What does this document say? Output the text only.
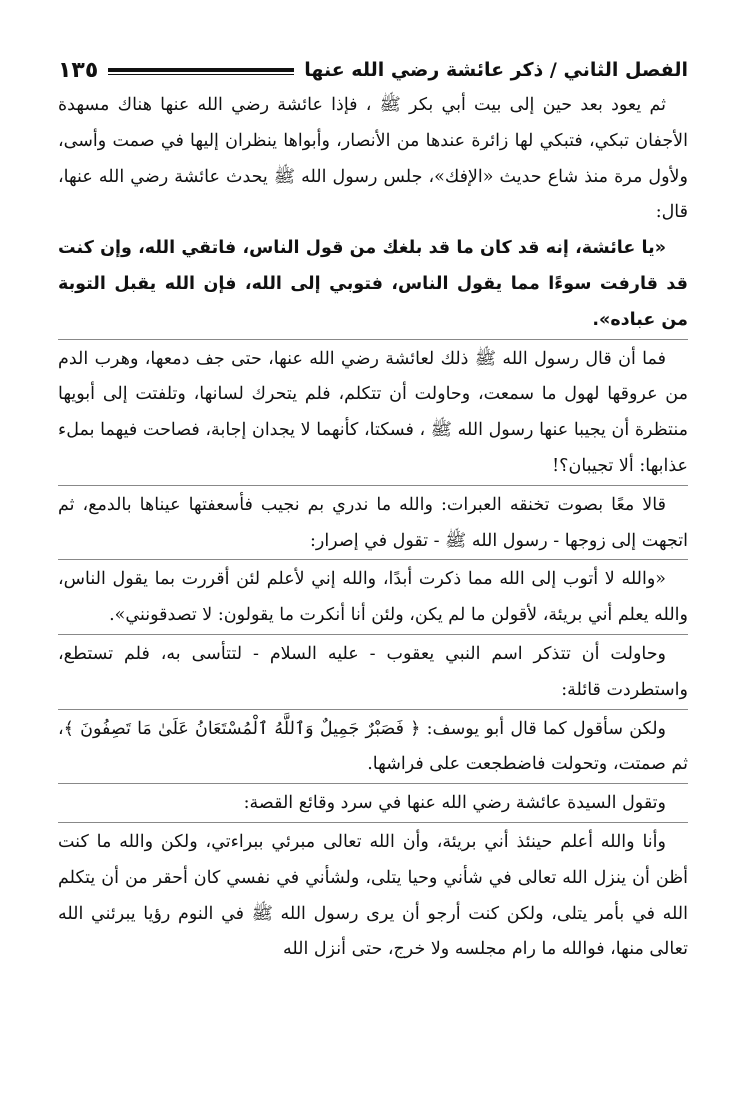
الفصل الثاني / ذكر عائشة رضي الله عنها
١٣٥

ثم يعود بعد حين إلى بيت أبي بكر ﷺ ، فإذا عائشة رضي الله عنها هناك مسهدة الأجفان تبكي، فتبكي لها زائرة عندها من الأنصار، وأبواها ينظران إليها في صمت وأسى، ولأول مرة منذ شاع حديث «الإفك»، جلس رسول الله ﷺ يحدث عائشة رضي الله عنها، قال:

«يا عائشة، إنه قد كان ما قد بلغك من قول الناس، فاتقي الله، وإن كنت قد قارفت سوءًا مما يقول الناس، فتوبي إلى الله، فإن الله يقبل التوبة من عباده».

فما أن قال رسول الله ﷺ ذلك لعائشة رضي الله عنها، حتى جف دمعها، وهرب الدم من عروقها لهول ما سمعت، وحاولت أن تتكلم، فلم يتحرك لسانها، وتلفتت إلى أبويها منتظرة أن يجيبا عنها رسول الله ﷺ ، فسكتا، كأنهما لا يجدان إجابة، فصاحت فيهما بملء عذابها: ألا تجيبان؟!

قالا معًا بصوت تخنقه العبرات: والله ما ندري بم نجيب فأسعفتها عيناها بالدمع، ثم اتجهت إلى زوجها - رسول الله ﷺ - تقول في إصرار:

«والله لا أتوب إلى الله مما ذكرت أبدًا، والله إني لأعلم لئن أقررت بما يقول الناس، والله يعلم أني بريئة، لأقولن ما لم يكن، ولئن أنا أنكرت ما يقولون: لا تصدقونني».

وحاولت أن تتذكر اسم النبي يعقوب - عليه السلام - لتتأسى به، فلم تستطع، واستطردت قائلة:

ولكن سأقول كما قال أبو يوسف: ﴿ فَصَبْرٌ جَمِيلٌ وَٱللَّهُ ٱلْمُسْتَعَانُ عَلَىٰ مَا تَصِفُونَ ﴾، ثم صمتت، وتحولت فاضطجعت على فراشها.

وتقول السيدة عائشة رضي الله عنها في سرد وقائع القصة:

وأنا والله أعلم حينئذ أني بريئة، وأن الله تعالى مبرئي ببراءتي، ولكن والله ما كنت أظن أن ينزل الله تعالى في شأني وحيا يتلى، ولشأني في نفسي كان أحقر من أن يتكلم الله في بأمر يتلى، ولكن كنت أرجو أن يرى رسول الله ﷺ في النوم رؤيا يبرئني الله تعالى منها، فوالله ما رام مجلسه ولا خرج، حتى أنزل الله
